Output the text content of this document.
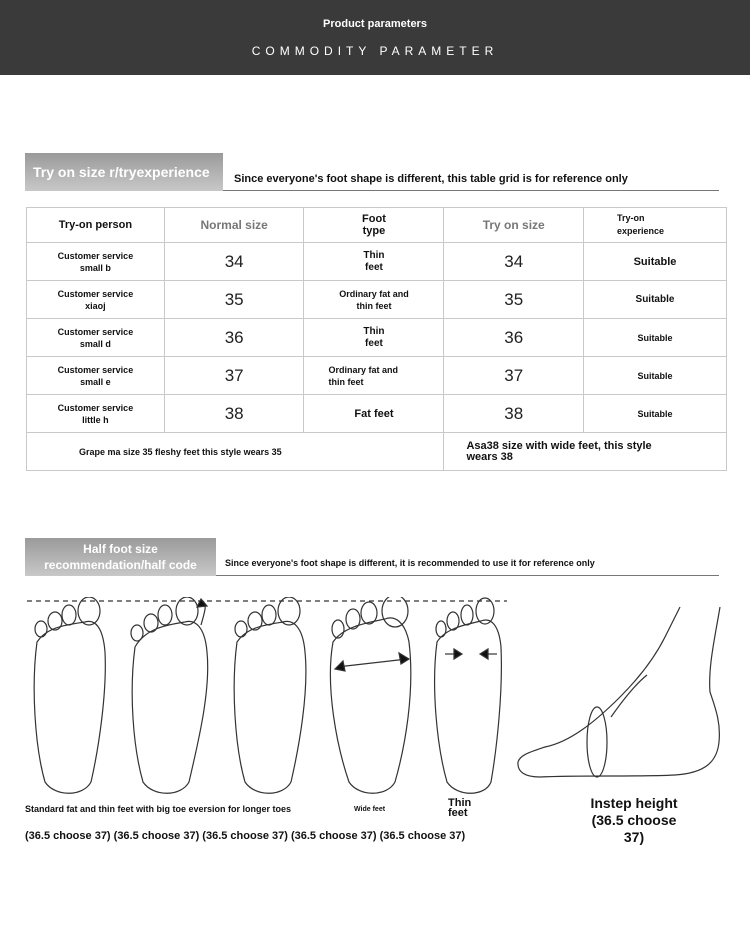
Product parameters
COMMODITY PARAMETER
Try on size r/tryexperience	Since everyone's foot shape is different, this table grid is for reference only
Try-on person	Normal size	Foot type	Try on size	Try-on experience
Customer service small b	34	Thin feet	34	Suitable
Customer service xiaoj	35	Ordinary fat and thin feet	35	Suitable
Customer service small d	36	Thin feet	36	Suitable
Customer service small e	37	Ordinary fat and thin feet	37	Suitable
Customer service little h	38	Fat feet	38	Suitable
Grape ma size 35 fleshy feet this style wears 35			Asa38 size with wide feet, this style wears 38	
Half foot size recommendation/half code	Since everyone's foot shape is different, it is recommended to use it for reference only
Standard fat and thin feet with big toe eversion for longer toes	Wide feet
Thin feet
Instep height (36.5 choose 37)
(36.5 choose 37) (36.5 choose 37) (36.5 choose 37) (36.5 choose 37) (36.5 choose 37)
